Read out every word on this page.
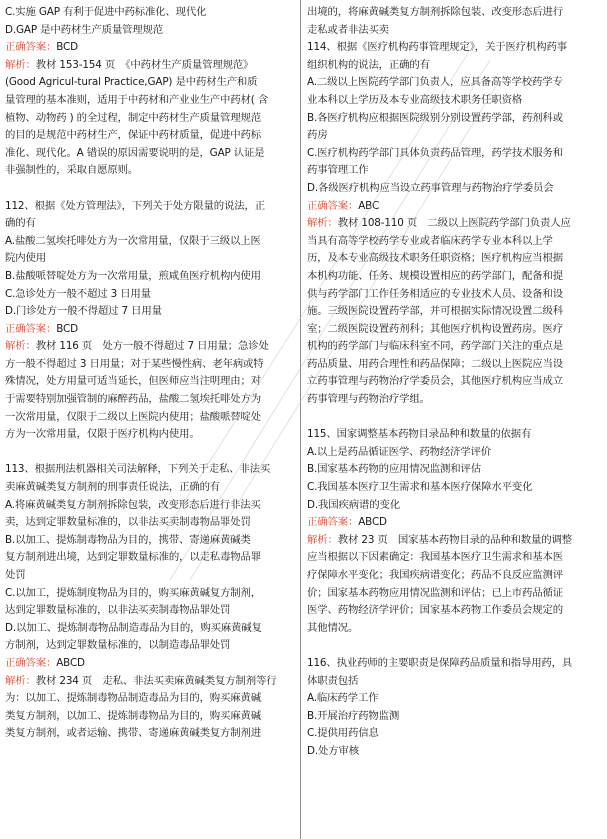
C.实施 GAP 有利于促进中药标准化、现代化
D.GAP 是中药材生产质量管理规范
正确答案：BCD
解析：教材 153-154 页　《中药材生产质量管理规范》
(Good Agricul-tural Practice,GAP) 是中药材生产和质
量管理的基本准则，适用于中药材和产业业生产中药材( 含
植物、动物药 ) 的全过程，制定中药材生产质量管理规范
的目的是规范中药材生产，保证中药材质量，促进中药标
准化、现代化。A 错误的原因需要说明的是，GAP 认证是
非强制性的，采取自愿原则。
112、根据《处方管理法》，下列关于处方限量的说法，正
确的有
A.盐酸二氢埃托啡处方为一次常用量，仅限于三级以上医
院内使用
B.盐酸哌替啶处方为一次常用量，煎咸鱼医疗机构内使用
C.急诊处方一般不超过 3 日用量
D.门诊处方一般不得超过 7 日用量
正确答案：BCD
解析：教材 116 页　处方一般不得超过 7 日用量；急诊处
方一般不得超过 3 日用量；对于某些慢性病、老年病或特
殊情况，处方用量可适当延长，但医师应当注明理由；对
于需要特别加强管制的麻醉药品，盐酸二氢埃托啡处方为
一次常用量，仅限于二级以上医院内使用；盐酸哌替啶处
方为一次常用量，仅限于医疗机构内使用。
113、根据刑法机器相关司法解释，下列关于走私、非法买
卖麻黄碱类复方制剂的刑事责任说法，正确的有
A.将麻黄碱类复方制剂拆除包装，改变形态后进行非法买
卖，达到定罪数量标准的，以非法买卖制毒物品罪处罚
B.以加工、提炼制毒物品为目的，携带、寄递麻黄碱类
复方制剂进出境，达到定罪数量标准的，以走私毒物品罪
处罚
C.以加工，提炼制度物品为目的，购买麻黄碱复方制剂，
达到定罪数量标准的，以非法买卖制毒物品罪处罚
D.以加工、提炼制毒物品制造毒品为目的，购买麻黄碱复
方制剂，达到定罪数量标准的，以制造毒品罪处罚
正确答案：ABCD
解析：教材 234 页　走私、非法买卖麻黄碱类复方制剂等行
为：以加工、提炼制毒物品制造毒品为目的，购买麻黄碱
类复方制剂，以加工、提炼制毒物品为目的，购买麻黄碱
类复方制剂，或者运输、携带、寄递麻黄碱类复方制剂进
出境的，将麻黄碱类复方制剂拆除包装、改变形态后进行
走私或者非法买卖
114、根据《医疗机构药事管理规定》，关于医疗机构药事
组织机构的说法，正确的有
A.二级以上医院药学部门负责人，应具备高等学校药学专
业本科以上学历及本专业高级技术职务任职资格
B.各医疗机构应根据医院级别分别设置药学部，药剂科或
药房
C.医疗机构药学部门具体负责药品管理，药学技术服务和
药事管理工作
D.各级医疗机构应当设立药事管理与药物治疗学委员会
正确答案：ABC
解析：教材 108-110 页　二级以上医院药学部门负责人应
当具有高等学校药学专业或者临床药学专业本科以上学
历，及本专业高级技术职务任职资格；医疗机构应当根据
本机构功能、任务、规模设置相应的药学部门，配备和提
供与药学部门工作任务相适应的专业技术人员、设备和设
施。三级医院设置药学部，并可根据实际情况设置二级科
室；二级医院设置药剂科；其他医疗机构设置药房。医疗
机构的药学部门与临床科室不同，药学部门关注的重点是
药品质量、用药合理性和药品保障；二级以上医院应当设
立药事管理与药物治疗学委员会，其他医疗机构应当成立
药事管理与药物治疗学组。
115、国家调整基本药物目录品种和数量的依据有
A.以上是药品循证医学、药物经济学评价
B.国家基本药物的应用情况监测和评估
C.我国基本医疗卫生需求和基本医疗保障水平变化
D.我国疾病谱的变化
正确答案：ABCD
解析：教材 23 页　国家基本药物目录的品种和数量的调整
应当根据以下因素确定：我国基本医疗卫生需求和基本医
疗保障水平变化；我国疾病谱变化；药品不良反应监测评
价；国家基本药物应用情况监测和评估；已上市药品循证
医学、药物经济学评价；国家基本药物工作委员会规定的
其他情况。
116、执业药师的主要职责是保障药品质量和指导用药，具
体职责包括
A.临床药学工作
B.开展治疗药物监测
C.提供用药信息
D.处方审核
